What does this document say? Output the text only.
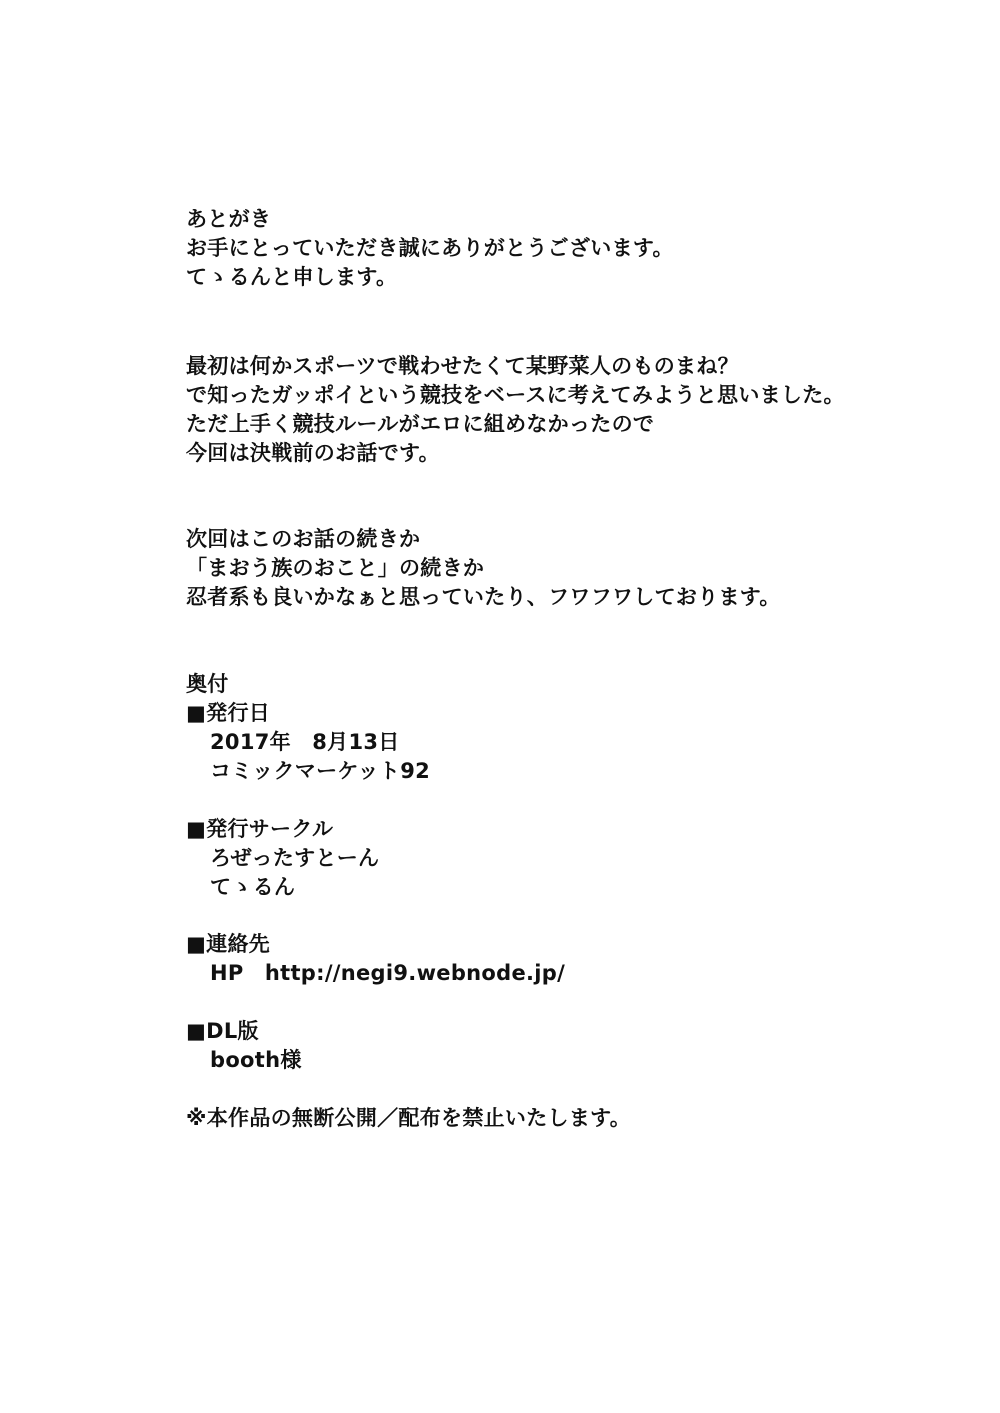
あとがき
お手にとっていただき誠にありがとうございます。
てゝるんと申します。
最初は何かスポーツで戦わせたくて某野菜人のものまね？
で知ったガッポイという競技をベースに考えてみようと思いました。
ただ上手く競技ルールがエロに組めなかったので
今回は決戦前のお話です。
次回はこのお話の続きか
「まおう族のおこと」の続きか
忍者系も良いかなぁと思っていたり、フワフワしております。
奥付
■発行日
2017年　8月13日
コミックマーケット92
■発行サークル
ろぜったすとーん
てゝるん
■連絡先
HP　http://negi9.webnode.jp/
■DL版
booth様
※本作品の無断公開／配布を禁止いたします。
